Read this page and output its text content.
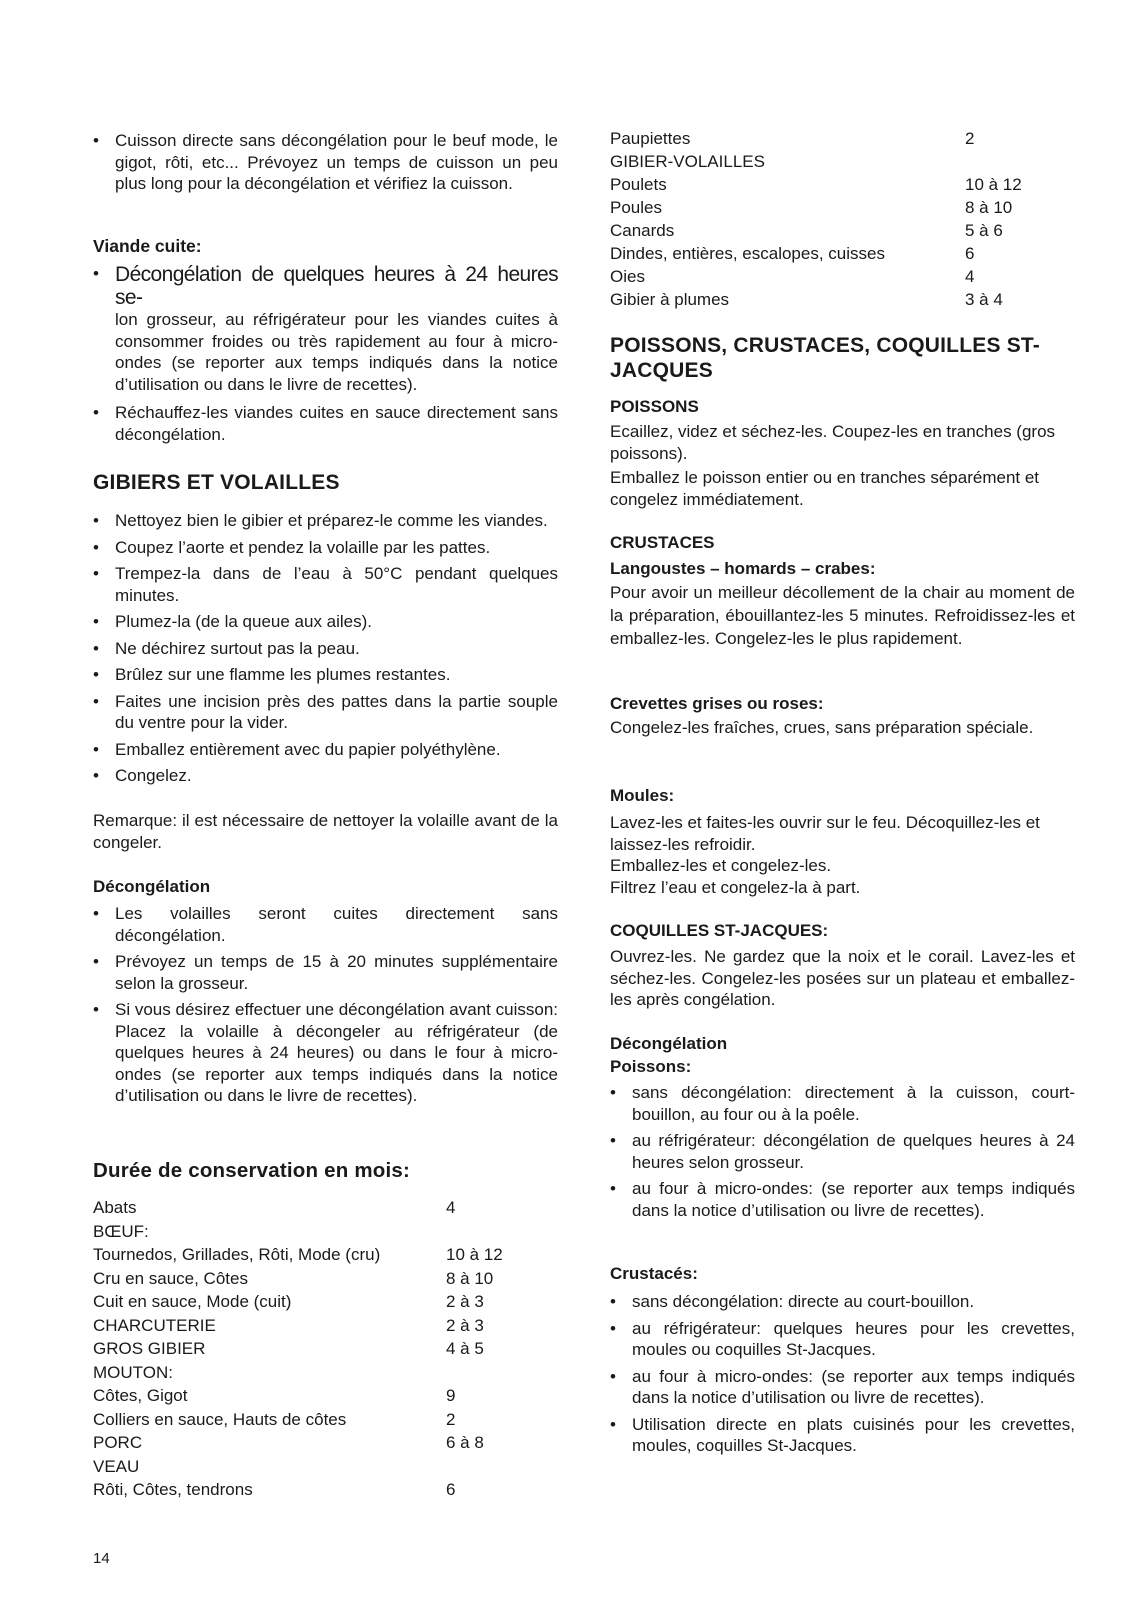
• Cuisson directe sans décongélation pour le beuf mode, le gigot, rôti, etc... Prévoyez un temps de cuisson un peu plus long pour la décongélation et vérifiez la cuisson.

Viande cuite:

• Décongélation de quelques heures à 24 heures se-
lon grosseur, au réfrigérateur pour les viandes cuites à consommer froides ou très rapidement au four à micro-ondes (se reporter aux temps indiqués dans la notice d’utilisation ou dans le livre de recettes).
• Réchauffez-les viandes cuites en sauce directement sans décongélation.

GIBIERS ET VOLAILLES

• Nettoyez bien le gibier et préparez-le comme les viandes.
• Coupez l’aorte et pendez la volaille par les pattes.
• Trempez-la dans de l’eau à 50°C pendant quelques minutes.
• Plumez-la (de la queue aux ailes).
• Ne déchirez surtout pas la peau.
• Brûlez sur une flamme les plumes restantes.
• Faites une incision près des pattes dans la partie souple du ventre pour la vider.
• Emballez entièrement avec du papier polyéthylène.
• Congelez.

Remarque: il est nécessaire de nettoyer la volaille avant de la congeler.

Décongélation

• Les volailles seront cuites directement sans décongélation.
• Prévoyez un temps de 15 à 20 minutes supplémentaire selon la grosseur.
• Si vous désirez effectuer une décongélation avant cuisson: Placez la volaille à décongeler au réfrigérateur (de quelques heures à 24 heures) ou dans le four à micro-ondes (se reporter aux temps indiqués dans la notice d’utilisation ou dans le livre de recettes).

Durée de conservation en mois:

Abats	4
BŒUF:
Tournedos, Grillades, Rôti, Mode (cru)	10 à 12
Cru en sauce, Côtes	8 à 10
Cuit en sauce, Mode (cuit)	2 à 3
CHARCUTERIE	2 à 3
GROS GIBIER	4 à 5
MOUTON:
Côtes, Gigot	9
Colliers en sauce, Hauts de côtes	2
PORC	6 à 8
VEAU
Rôti, Côtes, tendrons	6
Paupiettes	2
GIBIER-VOLAILLES
Poulets	10 à 12
Poules	8 à 10
Canards	5 à 6
Dindes, entières, escalopes, cuisses	6
Oies	4
Gibier à plumes	3 à 4

POISSONS, CRUSTACES, COQUILLES ST-JACQUES

POISSONS

Ecaillez, videz et séchez-les. Coupez-les en tranches (gros poissons).

Emballez le poisson entier ou en tranches séparément et congelez immédiatement.

CRUSTACES

Langoustes – homards – crabes:

Pour avoir un meilleur décollement de la chair au moment de la préparation, ébouillantez-les 5 minutes. Refroidissez-les et emballez-les. Congelez-les le plus rapidement.

Crevettes grises ou roses:

Congelez-les fraîches, crues, sans préparation spéciale.

Moules:

Lavez-les et faites-les ouvrir sur le feu. Décoquillez-les et laissez-les refroidir.

Emballez-les et congelez-les.

Filtrez l’eau et congelez-la à part.

COQUILLES ST-JACQUES:

Ouvrez-les. Ne gardez que la noix et le corail. Lavez-les et séchez-les. Congelez-les posées sur un plateau et emballez-les après congélation.

Décongélation

Poissons:

• sans décongélation: directement à la cuisson, court-bouillon, au four ou à la poêle.
• au réfrigérateur: décongélation de quelques heures à 24 heures selon grosseur.
• au four à micro-ondes: (se reporter aux temps indiqués dans la notice d’utilisation ou livre de recettes).

Crustacés:

• sans décongélation: directe au court-bouillon.
• au réfrigérateur: quelques heures pour les crevettes, moules ou coquilles St-Jacques.
• au four à micro-ondes: (se reporter aux temps indiqués dans la notice d’utilisation ou livre de recettes).
• Utilisation directe en plats cuisinés pour les crevettes, moules, coquilles St-Jacques.
14
